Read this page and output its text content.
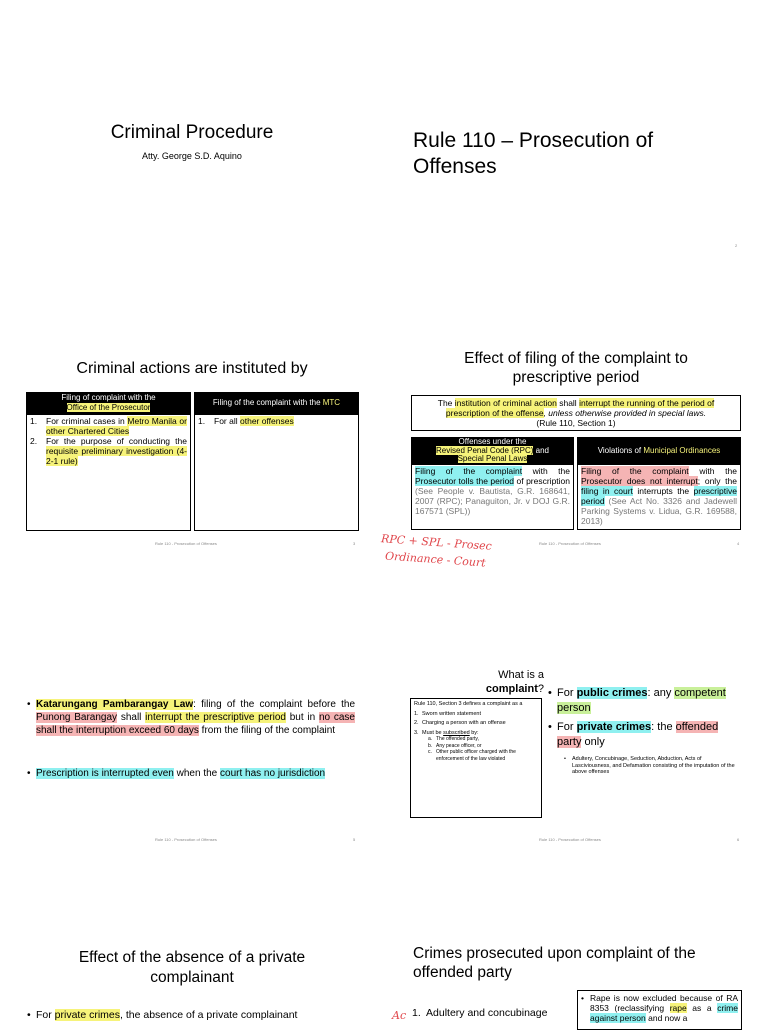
Criminal Procedure
Atty. George S.D. Aquino
Rule 110 – Prosecution of Offenses
2
Criminal actions are instituted by
Filing of complaint with the
Office of the Prosecutor
1.	For criminal cases in Metro Manila or other Chartered Cities
2.	For the purpose of conducting the requisite preliminary investigation (4-2-1 rule)
Filing of the complaint with the MTC
1.	For all other offenses
Rule 110 - Prosecution of Offenses	3
Effect of filing of the complaint to prescriptive period
The institution of criminal action shall interrupt the running of the period of prescription of the offense, unless otherwise provided in special laws.
(Rule 110, Section 1)
Offenses under the
Revised Penal Code (RPC) and
Special Penal Laws
Violations of Municipal Ordinances
Filing of the complaint with the Prosecutor tolls the period of prescription (See People v. Bautista, G.R. 168641, 2007 (RPC); Panaguiton, Jr. v DOJ G.R. 167571 (SPL))
Filing of the complaint with the Prosecutor does not interrupt; only the filing in court interrupts the prescriptive period (See Act No. 3326 and Jadewell Parking Systems v. Lidua, G.R. 169588, 2013)
RPC + SPL - Prosec
Ordinance - Court
Rule 110 - Prosecution of Offenses	4
• Katarungang Pambarangay Law: filing of the complaint before the Punong Barangay shall interrupt the prescriptive period but in no case shall the interruption exceed 60 days from the filing of the complaint
• Prescription is interrupted even when the court has no jurisdiction
Rule 110 - Prosecution of Offenses	5
What is a
complaint?
Rule 110, Section 3 defines a complaint as a
1. Sworn written statement
2. Charging a person with an offense
3. Must be subscribed by:
a. The offended party,
b. Any peace officer, or
c. Other public officer charged with the enforcement of the law violated
• For public crimes: any competent person
• For private crimes: the offended party only
• Adultery, Concubinage, Seduction, Abduction, Acts of Lasciviousness, and Defamation consisting of the imputation of the above offenses
Rule 110 - Prosecution of Offenses	6
Effect of the absence of a private complainant
• For private crimes, the absence of a private complainant
Crimes prosecuted upon complaint of the offended party
Ac 1. Adultery and concubinage
• Rape is now excluded because of RA 8353 (reclassifying rape as a crime against person and now a
